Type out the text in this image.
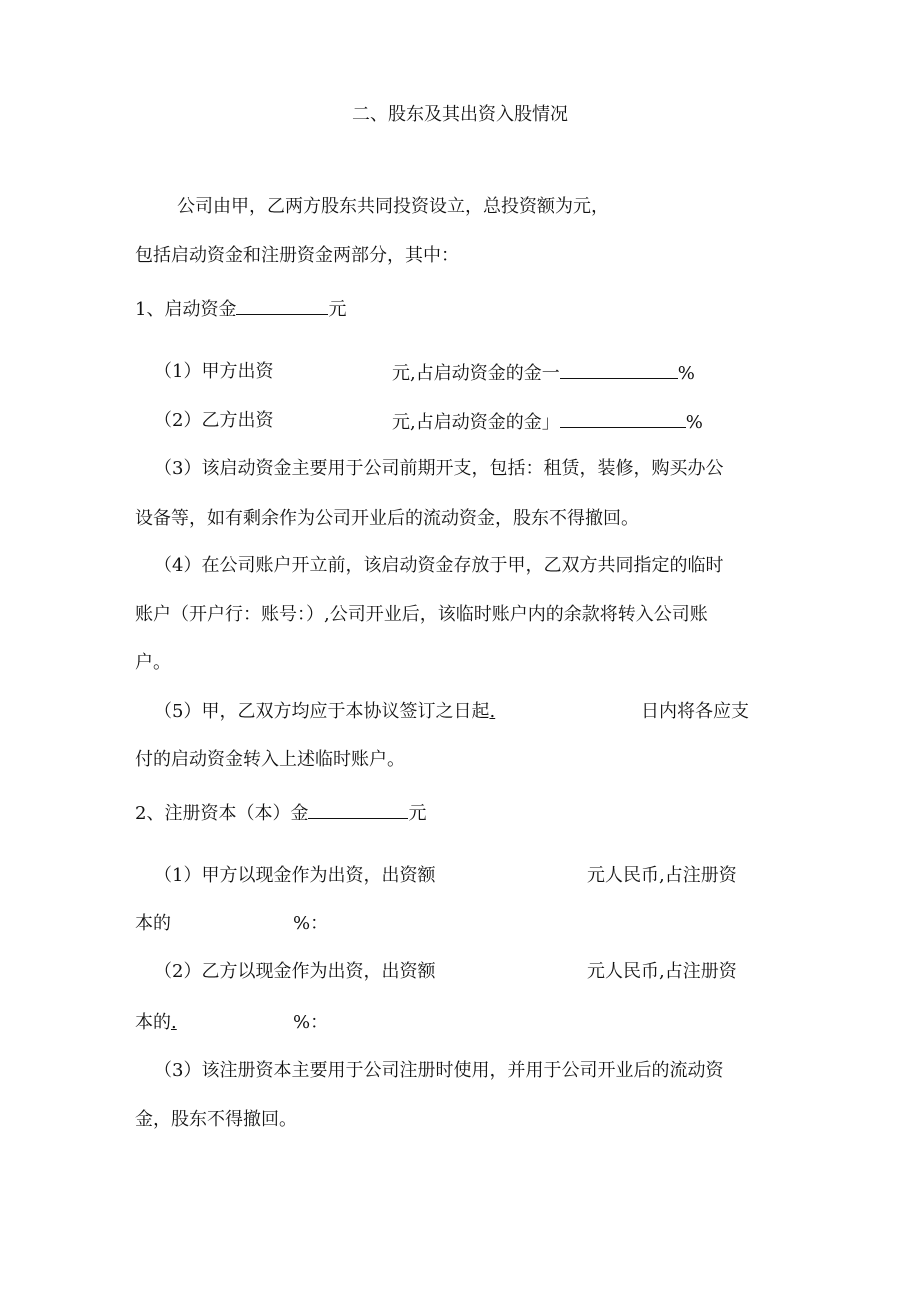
二、股东及其出资入股情况
公司由甲，乙两方股东共同投资设立，总投资额为元，
包括启动资金和注册资金两部分，其中：
1、启动资金	元
（1）甲方出资	元,占启动资金的金一	%
（2）乙方出资	元,占启动资金的金」	%
（3）该启动资金主要用于公司前期开支，包括：租赁，装修，购买办公
设备等，如有剩余作为公司开业后的流动资金，股东不得撤回。
（4）在公司账户开立前，该启动资金存放于甲，乙双方共同指定的临时
账户（开户行：账号：）,公司开业后，该临时账户内的余款将转入公司账
户。
（5）甲，乙双方均应于本协议签订之日起.	日内将各应支
付的启动资金转入上述临时账户。
2、注册资本（本）金	元
（1）甲方以现金作为出资，出资额	元人民币,占注册资
本的	%：
（2）乙方以现金作为出资，出资额	元人民币,占注册资
本的.	%：
（3）该注册资本主要用于公司注册时使用，并用于公司开业后的流动资
金，股东不得撤回。
